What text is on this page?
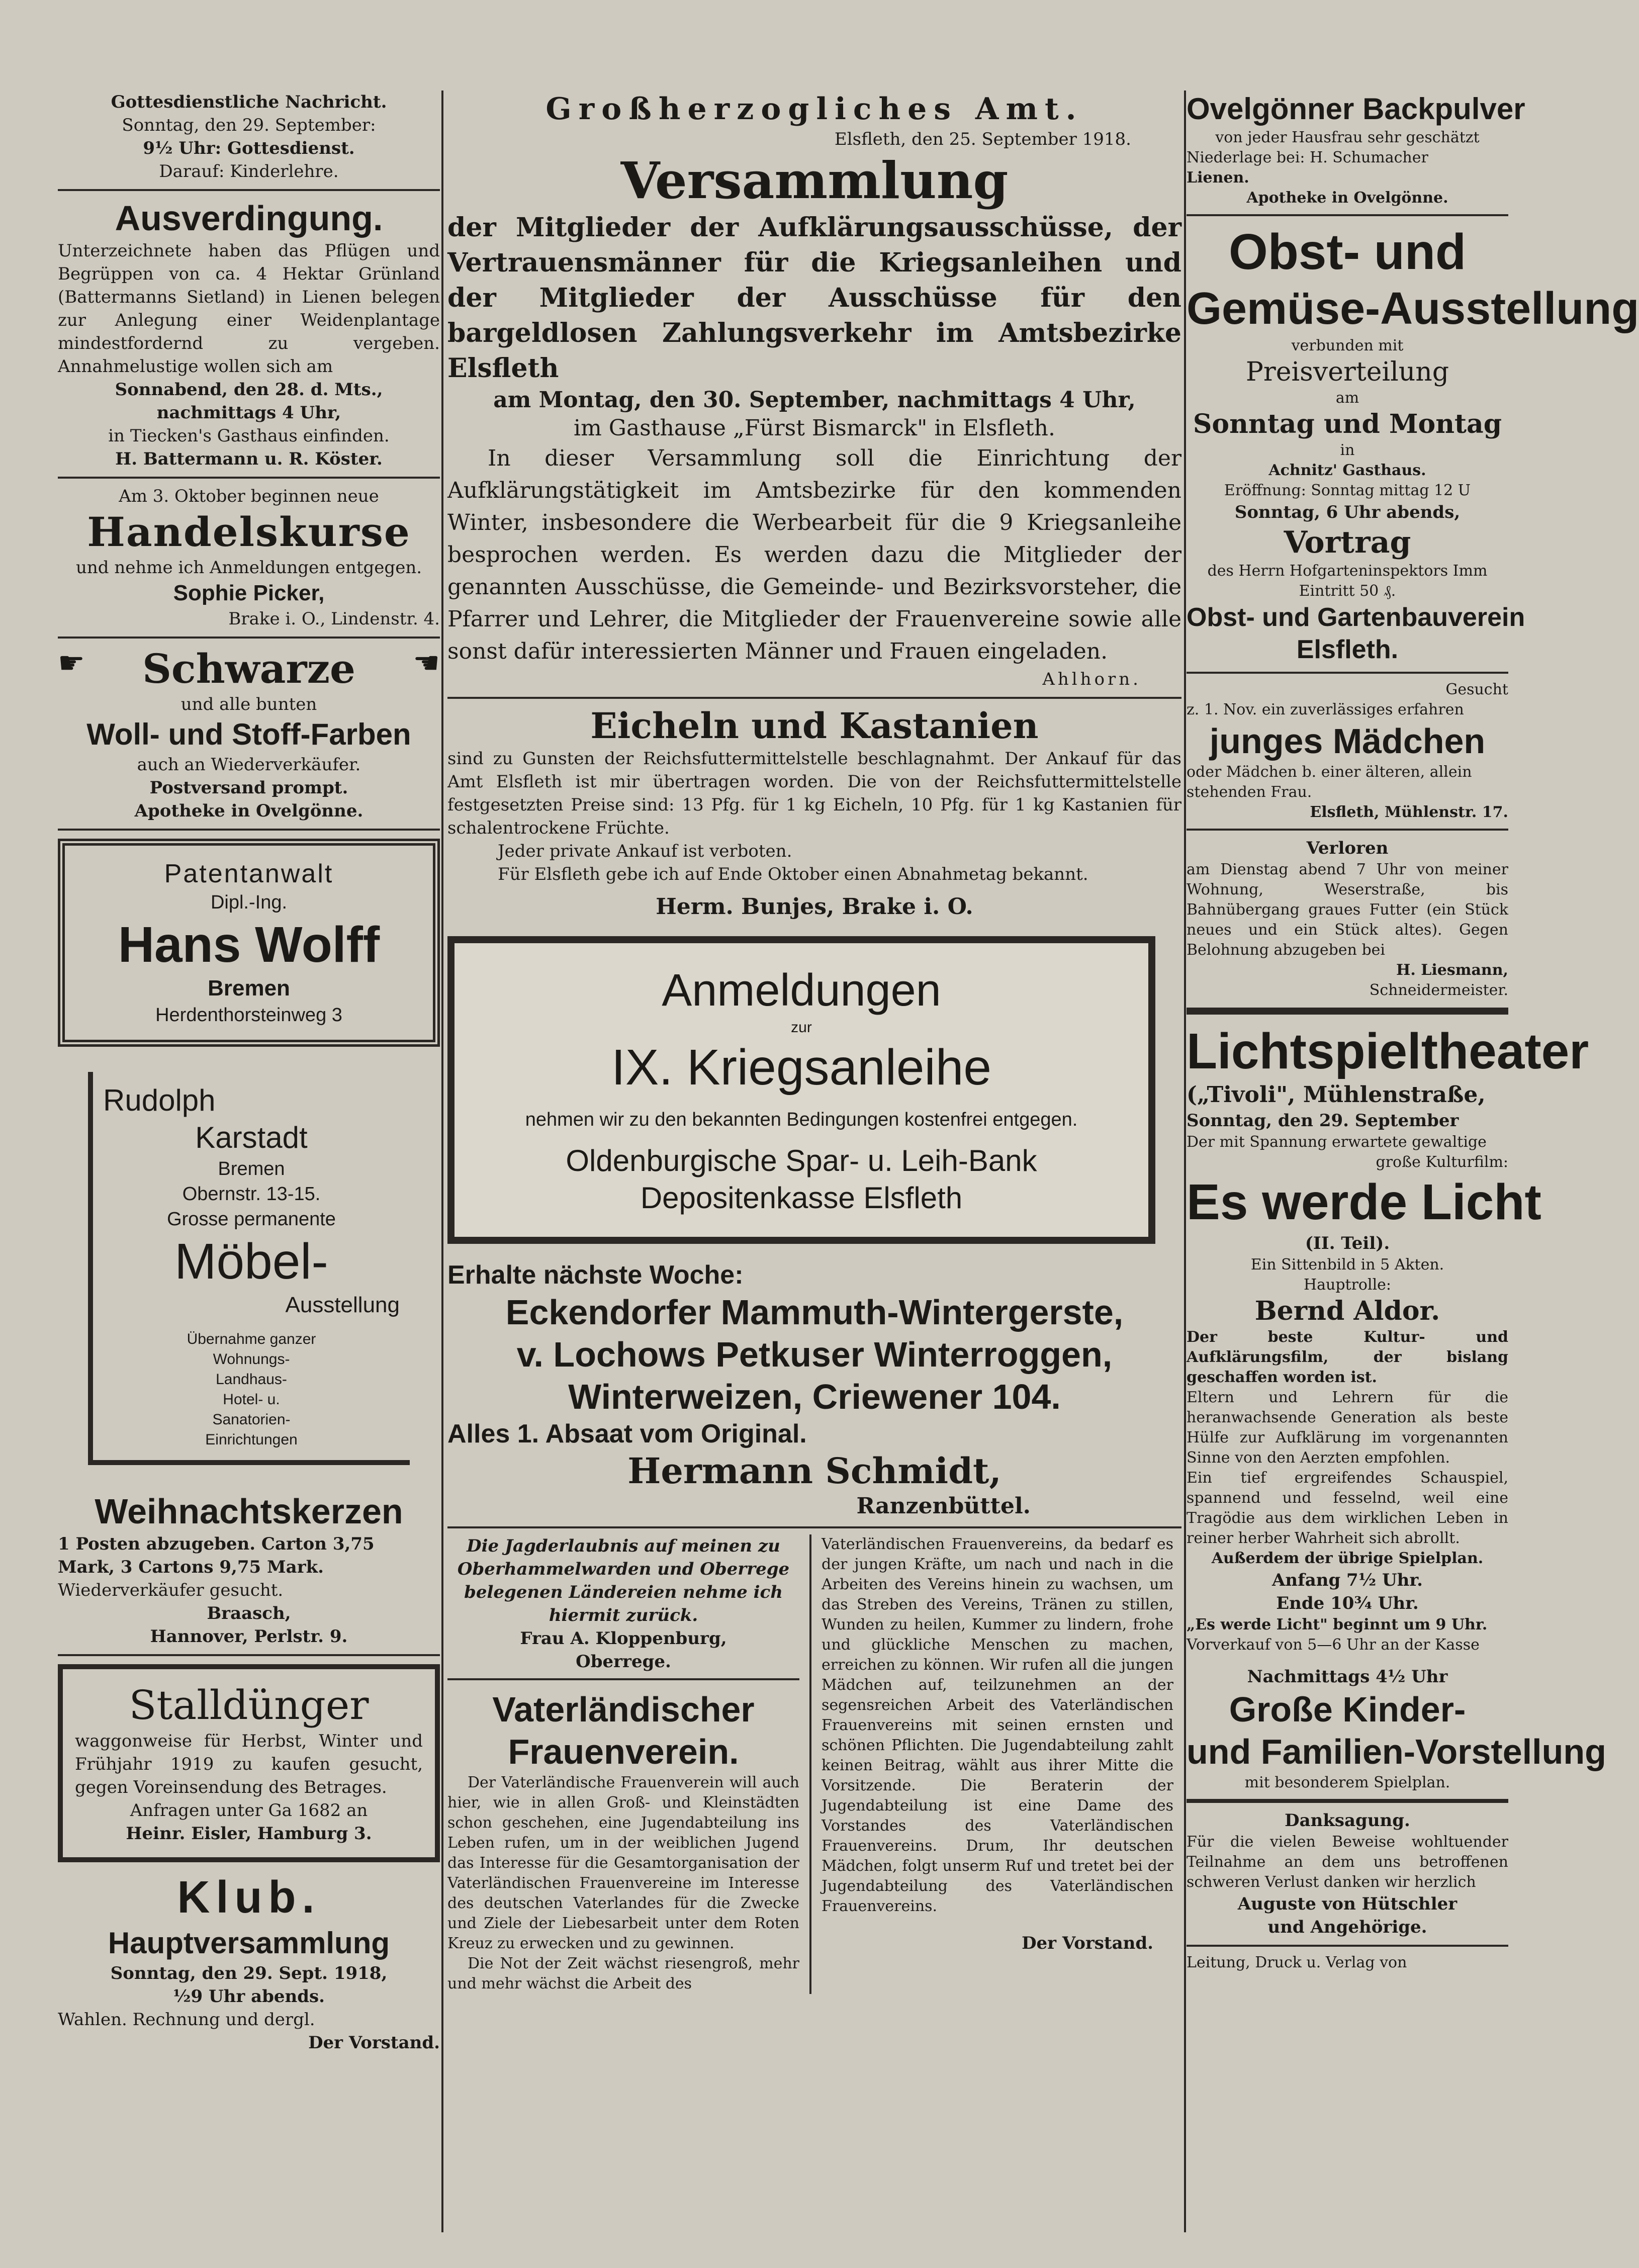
Gottesdienstliche Nachricht.
Sonntag, den 29. September:
9½ Uhr: Gottesdienst.
Darauf: Kinderlehre.
Ausverdingung.

Unterzeichnete haben das Pflügen und Begrüppen von ca. 4 Hektar Grünland (Battermanns Sietland) in Lienen belegen zur Anlegung einer Weidenplantage mindestfordernd zu vergeben. Annahmelustige wollen sich am

Sonnabend, den 28. d. Mts.,
nachmittags 4 Uhr,
in Tiecken's Gasthaus einfinden.
H. Battermann u. R. Köster.
Am 3. Oktober beginnen neue
Handelskurse
und nehme ich Anmeldungen entgegen.
Sophie Picker,
Brake i. O., Lindenstr. 4.
☛ Schwarze ☚
und alle bunten
Woll- und Stoff-Farben
auch an Wiederverkäufer.
Postversand prompt.
Apotheke in Ovelgönne.
Patentanwalt
Dipl.-Ing.
Hans Wolff
Bremen
Herdenthorsteinweg 3
Rudolph
Karstadt
Bremen
Obernstr. 13-15.
Grosse permanente
Möbel-
Ausstellung
Übernahme ganzer
Wohnungs-
Landhaus-
Hotel- u.
Sanatorien-
Einrichtungen
Weihnachtskerzen
1 Posten abzugeben. Carton 3,75
Mark, 3 Cartons 9,75 Mark.
Wiederverkäufer gesucht.
Braasch,
Hannover, Perlstr. 9.
Stalldünger

waggonweise für Herbst, Winter und Frühjahr 1919 zu kaufen gesucht, gegen Voreinsendung des Betrages.

Anfragen unter Ga 1682 an
Heinr. Eisler, Hamburg 3.
Klub.
Hauptversammlung
Sonntag, den 29. Sept. 1918,
½9 Uhr abends.
Wahlen. Rechnung und dergl.
Der Vorstand.
Großherzogliches Amt.
Elsfleth, den 25. September 1918.
Versammlung

der Mitglieder der Aufklärungsausschüsse, der Vertrauensmänner für die Kriegsanleihen und der Mitglieder der Ausschüsse für den bargeldlosen Zahlungsverkehr im Amtsbezirke Elsfleth

am Montag, den 30. September, nachmittags 4 Uhr,
im Gasthause „Fürst Bismarck" in Elsfleth.

In dieser Versammlung soll die Einrichtung der Aufklärungstätigkeit im Amtsbezirke für den kommenden Winter, insbesondere die Werbearbeit für die 9 Kriegsanleihe besprochen werden. Es werden dazu die Mitglieder der genannten Ausschüsse, die Gemeinde- und Bezirksvorsteher, die Pfarrer und Lehrer, die Mitglieder der Frauenvereine sowie alle sonst dafür interessierten Männer und Frauen eingeladen.

Ahlhorn.
Eicheln und Kastanien

sind zu Gunsten der Reichsfuttermittelstelle beschlagnahmt. Der Ankauf für das Amt Elsfleth ist mir übertragen worden. Die von der Reichsfuttermittelstelle festgesetzten Preise sind: 13 Pfg. für 1 kg Eicheln, 10 Pfg. für 1 kg Kastanien für schalentrockene Früchte.

Jeder private Ankauf ist verboten.
Für Elsfleth gebe ich auf Ende Oktober einen Abnahmetag bekannt.
Herm. Bunjes, Brake i. O.
Anmeldungen
zur
IX. Kriegsanleihe
nehmen wir zu den bekannten Bedingungen kostenfrei entgegen.
Oldenburgische Spar- u. Leih-Bank
Depositenkasse Elsfleth
Erhalte nächste Woche:
Eckendorfer Mammuth-Wintergerste,
v. Lochows Petkuser Winterroggen,
Winterweizen, Criewener 104.
Alles 1. Absaat vom Original.
Hermann Schmidt,
Ranzenbüttel.

Die Jagderlaubnis auf meinen zu Oberhammelwarden und Oberrege belegenen Ländereien nehme ich hiermit zurück.

Frau A. Kloppenburg,
Oberrege.
Vaterländischer
Frauenverein.

Der Vaterländische Frauenverein will auch hier, wie in allen Groß- und Kleinstädten schon geschehen, eine Jugendabteilung ins Leben rufen, um in der weiblichen Jugend das Interesse für die Gesamtorganisation der Vaterländischen Frauenvereine im Interesse des deutschen Vaterlandes für die Zwecke und Ziele der Liebesarbeit unter dem Roten Kreuz zu erwecken und zu gewinnen.

Die Not der Zeit wächst riesengroß, mehr und mehr wächst die Arbeit des

Vaterländischen Frauenvereins, da bedarf es der jungen Kräfte, um nach und nach in die Arbeiten des Vereins hinein zu wachsen, um das Streben des Vereins, Tränen zu stillen, Wunden zu heilen, Kummer zu lindern, frohe und glückliche Menschen zu machen, erreichen zu können. Wir rufen all die jungen Mädchen auf, teilzunehmen an der segensreichen Arbeit des Vaterländischen Frauenvereins mit seinen ernsten und schönen Pflichten. Die Jugendabteilung zahlt keinen Beitrag, wählt aus ihrer Mitte die Vorsitzende. Die Beraterin der Jugendabteilung ist eine Dame des Vorstandes des Vaterländischen Frauenvereins. Drum, Ihr deutschen Mädchen, folgt unserm Ruf und tretet bei der Jugendabteilung des Vaterländischen Frauenvereins.

Der Vorstand.
Ovelgönner Backpulver
von jeder Hausfrau sehr geschätzt
Niederlage bei: H. Schumacher
Lienen.
Apotheke in Ovelgönne.
Obst- und
Gemüse-Ausstellung
verbunden mit
Preisverteilung
am
Sonntag und Montag
in
Achnitz' Gasthaus.
Eröffnung: Sonntag mittag 12 U
Sonntag, 6 Uhr abends,
Vortrag
des Herrn Hofgarteninspektors Imm
Eintritt 50 ₰.
Obst- und Gartenbauverein
Elsfleth.
Gesucht
z. 1. Nov. ein zuverlässiges erfahren
junges Mädchen
oder Mädchen b. einer älteren, allein
stehenden Frau.
Elsfleth, Mühlenstr. 17.
Verloren

am Dienstag abend 7 Uhr von meiner Wohnung, Weserstraße, bis Bahnübergang graues Futter (ein Stück neues und ein Stück altes). Gegen Belohnung abzugeben bei

H. Liesmann,
Schneidermeister.
Lichtspieltheater
(„Tivoli", Mühlenstraße,
Sonntag, den 29. September
Der mit Spannung erwartete gewaltige
große Kulturfilm:
Es werde Licht
(II. Teil).
Ein Sittenbild in 5 Akten.
Hauptrolle:
Bernd Aldor.

Der beste Kultur- und Aufklärungsfilm, der bislang geschaffen worden ist.

Eltern und Lehrern für die heranwachsende Generation als beste Hülfe zur Aufklärung im vorgenannten Sinne von den Aerzten empfohlen.

Ein tief ergreifendes Schauspiel, spannend und fesselnd, weil eine Tragödie aus dem wirklichen Leben in reiner herber Wahrheit sich abrollt.

Außerdem der übrige Spielplan.
Anfang 7½ Uhr.
Ende 10¾ Uhr.
„Es werde Licht" beginnt um 9 Uhr.
Vorverkauf von 5—6 Uhr an der Kasse
Nachmittags 4½ Uhr
Große Kinder-
und Familien-Vorstellung
mit besonderem Spielplan.
Danksagung.

Für die vielen Beweise wohltuender Teilnahme an dem uns betroffenen schweren Verlust danken wir herzlich

Auguste von Hütschler
und Angehörige.
Leitung, Druck u. Verlag von
